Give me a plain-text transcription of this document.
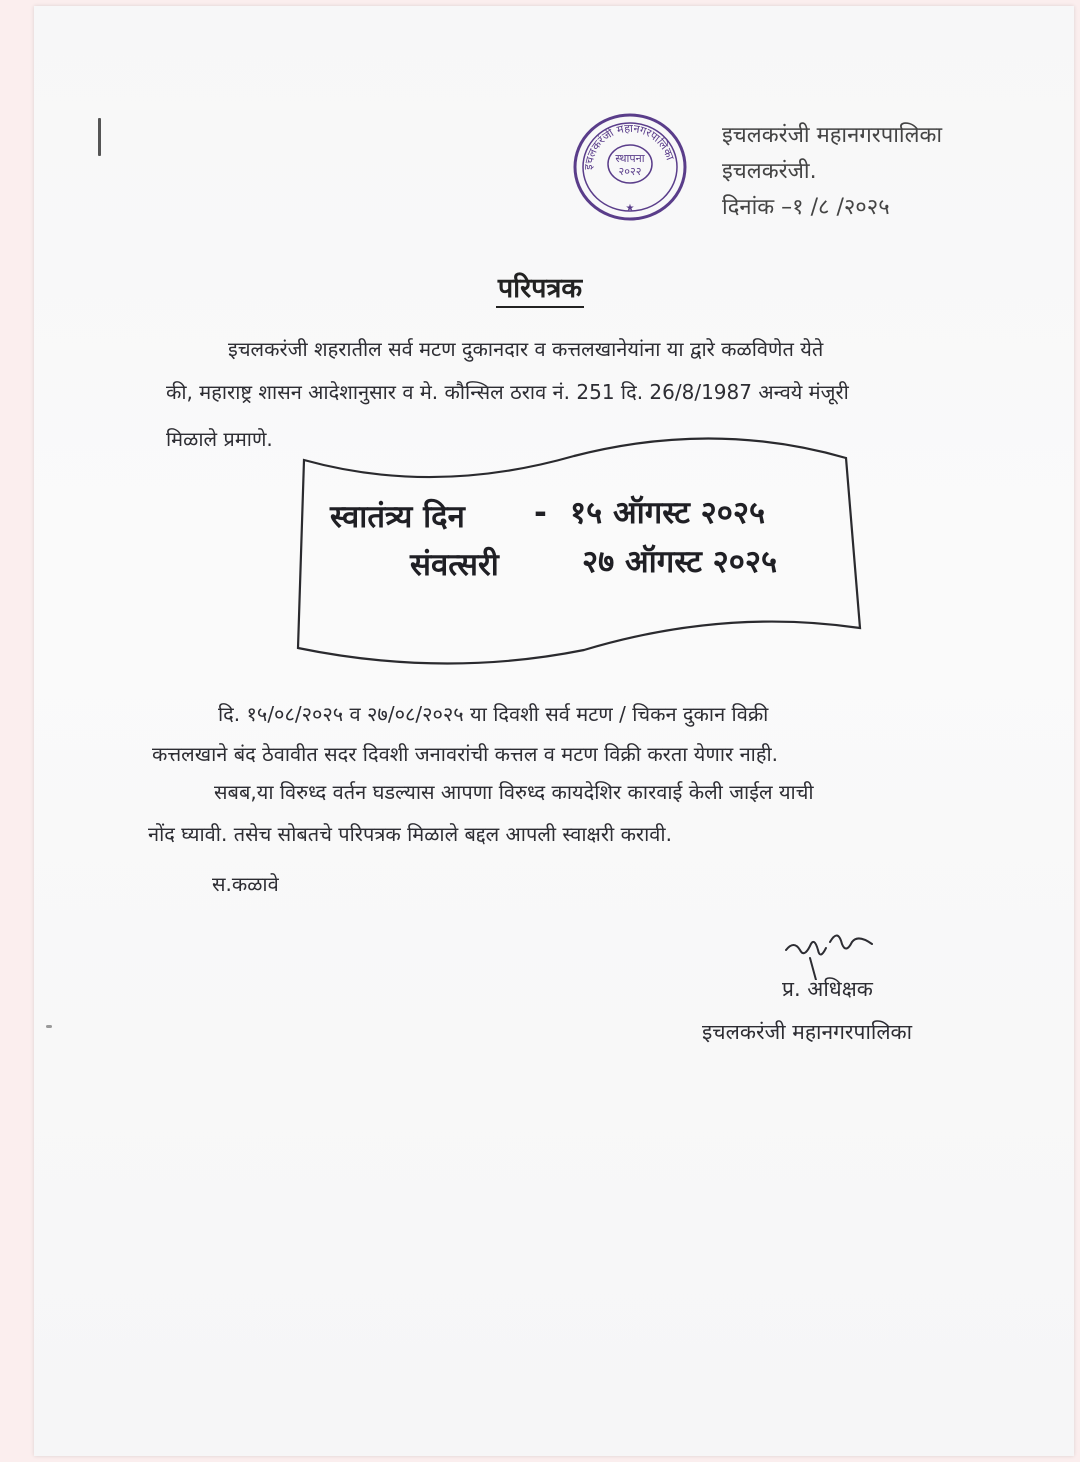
इचलकरंजी महानगरपालिका
स्थापना
२०२२
★
इचलकरंजी महानगरपालिका
इचलकरंजी.
दिनांक –१ /८ /२०२५
परिपत्रक
इचलकरंजी शहरातील सर्व मटण दुकानदार व कत्तलखानेयांना या द्वारे कळविणेत येते
की, महाराष्ट्र शासन आदेशानुसार व मे. कौन्सिल ठराव नं. 251 दि. 26/8/1987 अन्वये मंजूरी
मिळाले प्रमाणे.
स्वातंत्र्य दिन - १५ ऑगस्ट २०२५
संवत्सरी	२७ ऑगस्ट २०२५
दि. १५/०८/२०२५ व २७/०८/२०२५ या दिवशी सर्व मटण / चिकन दुकान विक्री
कत्तलखाने बंद ठेवावीत सदर दिवशी जनावरांची कत्तल व मटण विक्री करता येणार नाही.
सबब,या विरुध्द वर्तन घडल्यास आपणा विरुध्द कायदेशिर कारवाई केली जाईल याची
नोंद घ्यावी. तसेच सोबतचे परिपत्रक मिळाले बद्दल आपली स्वाक्षरी करावी.
स.कळावे
प्र. अधिक्षक
इचलकरंजी महानगरपालिका
